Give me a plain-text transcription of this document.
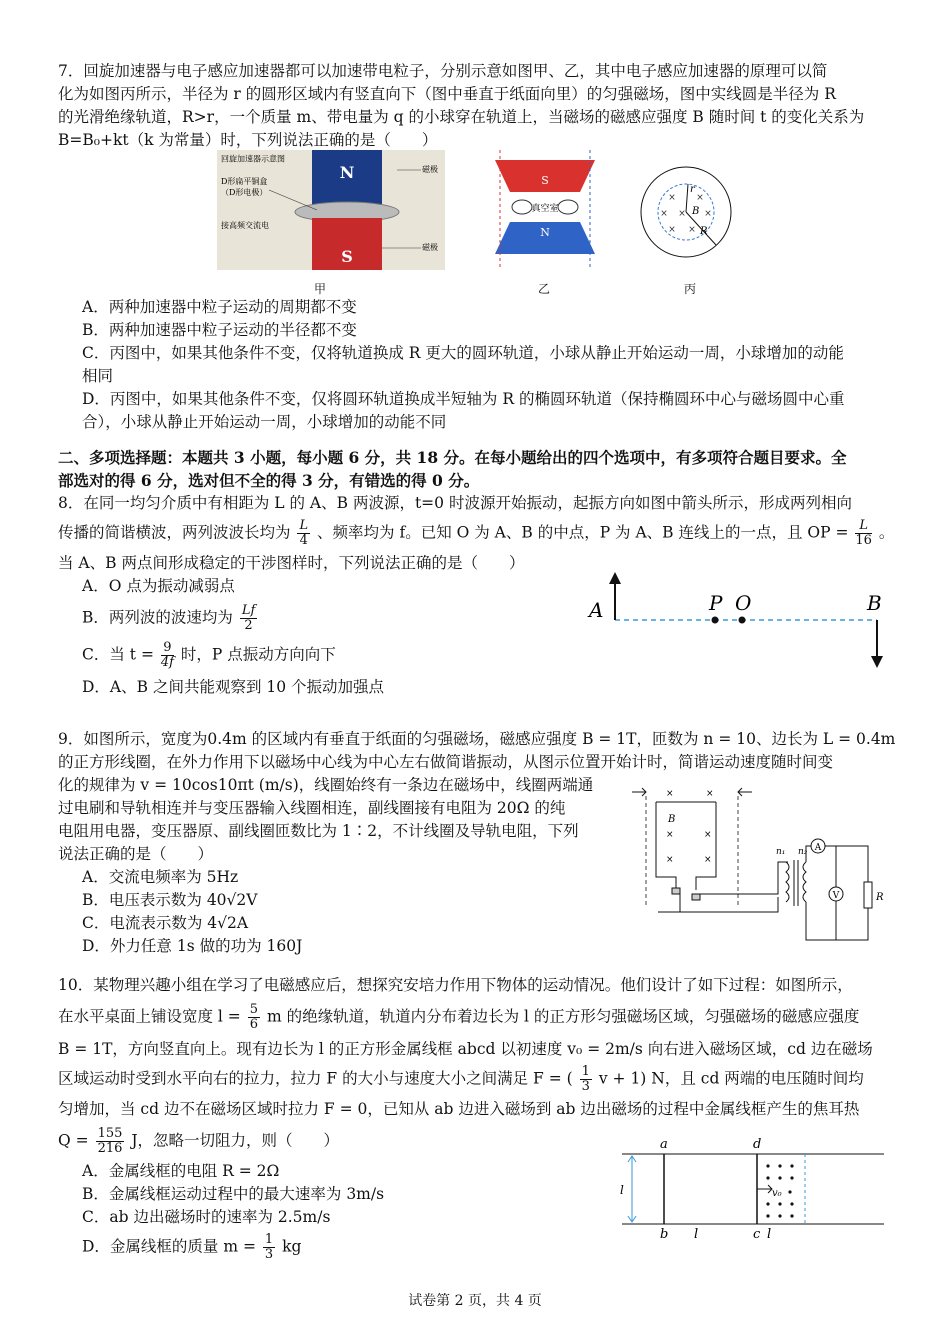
7．回旋加速器与电子感应加速器都可以加速带电粒子，分别示意如图甲、乙，其中电子感应加速器的原理可以简
化为如图丙所示，半径为 r 的圆形区域内有竖直向下（图中垂直于纸面向里）的匀强磁场，图中实线圆是半径为 R
的光滑绝缘轨道，R>r，一个质量 m、带电量为 q 的小球穿在轨道上，当磁场的磁感应强度 B 随时间 t 的变化关系为
B=B₀+kt（k 为常量）时，下列说法正确的是（　　）
N
S
回旋加速器示意图
D形扁平铜盒
（D形电极）
接高频交流电
磁极
磁极
甲
S
N
真空室
乙
r
B
R
× ×
× × ×
× ×
丙
A．两种加速器中粒子运动的周期都不变
B．两种加速器中粒子运动的半径都不变
C．丙图中，如果其他条件不变，仅将轨道换成 R 更大的圆环轨道，小球从静止开始运动一周，小球增加的动能
相同
D．丙图中，如果其他条件不变，仅将圆环轨道换成半短轴为 R 的椭圆环轨道（保持椭圆环中心与磁场圆中心重
合），小球从静止开始运动一周，小球增加的动能不同
二、多项选择题：本题共 3 小题，每小题 6 分，共 18 分。在每小题给出的四个选项中，有多项符合题目要求。全
部选对的得 6 分，选对但不全的得 3 分，有错选的得 0 分。
8．在同一均匀介质中有相距为 L 的 A、B 两波源，t=0 时波源开始振动，起振方向如图中箭头所示，形成两列相向
传播的简谐横波，两列波波长均为 $\frac{L}{4}$ 、频率均为 f。已知 O 为 A、B 的中点，P 为 A、B 连线上的一点，且 OP = $\frac{L}{16}$ 。
当 A、B 两点间形成稳定的干涉图样时，下列说法正确的是（　　）
A．O 点为振动减弱点
B．两列波的波速均为 $\frac{Lf}{2}$
C．当 $t = \frac{9}{4f}$ 时，P 点振动方向向下
D．A、B 之间共能观察到 10 个振动加强点
A	P O	B
9．如图所示，宽度为0.4m 的区域内有垂直于纸面的匀强磁场，磁感应强度 B = 1T，匝数为 n = 10、边长为 L = 0.4m
的正方形线圈，在外力作用下以磁场中心线为中心左右做简谐振动，从图示位置开始计时，简谐运动速度随时间变
化的规律为 v = 10cos10πt (m/s)，线圈始终有一条边在磁场中，线圈两端通
过电刷和导轨相连并与变压器输入线圈相连，副线圈接有电阻为 20Ω 的纯
电阻用电器，变压器原、副线圈匝数比为 1∶2，不计线圈及导轨电阻，下列
说法正确的是（　　）
A．交流电频率为 5Hz
B．电压表示数为 40√2V
C．电流表示数为 4√2A
D．外力任意 1s 做的功为 160J
×	×
B
×	×
×	×
n₁ n₂ A
V	R
10．某物理兴趣小组在学习了电磁感应后，想探究安培力作用下物体的运动情况。他们设计了如下过程：如图所示，
在水平桌面上铺设宽度 $l = \frac{5}{6}$ m 的绝缘轨道，轨道内分布着边长为 l 的正方形匀强磁场区域，匀强磁场的磁感应强度
B = 1T，方向竖直向上。现有边长为 l 的正方形金属线框 abcd 以初速度 v₀ = 2m/s 向右进入磁场区域，cd 边在磁场
区域运动时受到水平向右的拉力，拉力 F 的大小与速度大小之间满足 F = ( $\frac{1}{3}$ v + 1) N，且 cd 两端的电压随时间均
匀增加，当 cd 边不在磁场区域时拉力 F = 0，已知从 ab 边进入磁场到 ab 边出磁场的过程中金属线框产生的焦耳热
$Q = \frac{155}{216}$ J，忽略一切阻力，则（　　）
A．金属线框的电阻 R = 2Ω
B．金属线框运动过程中的最大速率为 3m/s
C．ab 边出磁场时的速率为 2.5m/s
D．金属线框的质量 $m = \frac{1}{3}$ kg
l
a	d
b	c
l	l
v₀
试卷第 2 页，共 4 页
